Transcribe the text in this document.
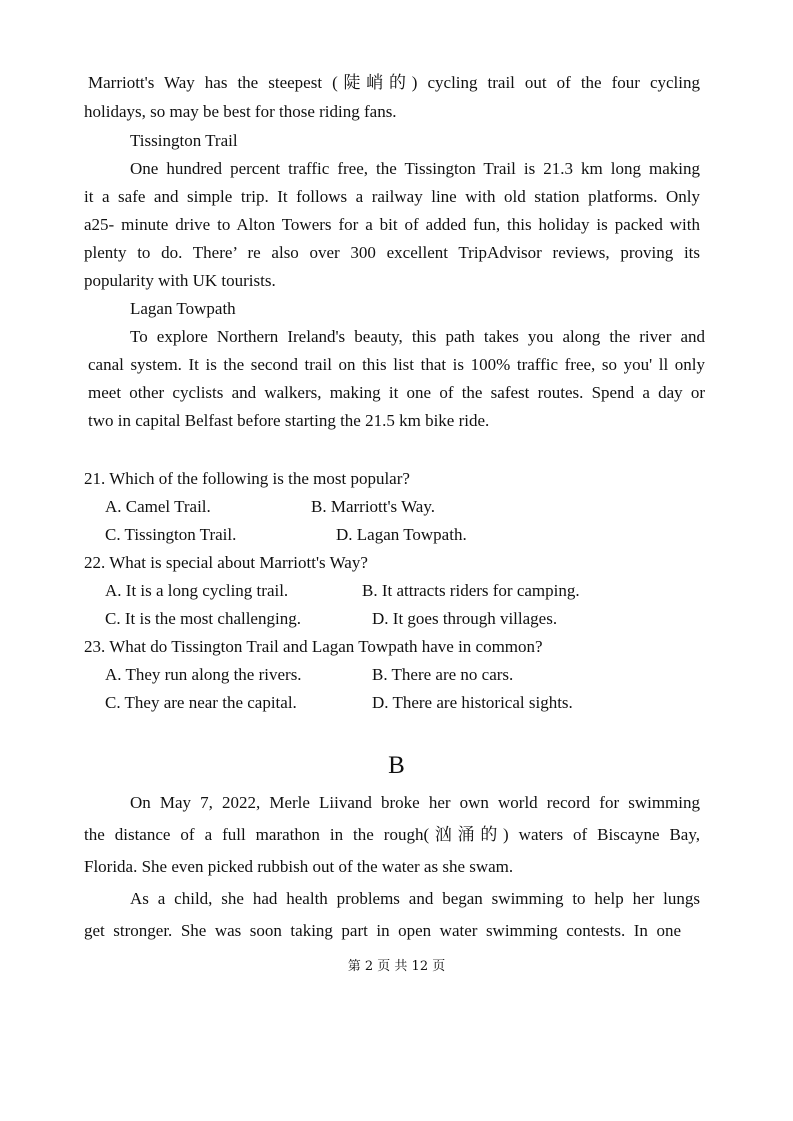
Marriott's Way has the steepest (陡峭的) cycling trail out of the four cycling
holidays, so may be best for those riding fans.
Tissington Trail
One hundred percent traffic free, the Tissington Trail is 21.3 km long making
it a safe and simple trip. It follows a railway line with old station platforms. Only
a25- minute drive to Alton Towers for a bit of added fun, this holiday is packed with
plenty to do. There’ re also over 300 excellent TripAdvisor reviews, proving its
popularity with UK tourists.
Lagan Towpath
To explore Northern Ireland's beauty, this path takes you along the river and
canal system. It is the second trail on this list that is 100% traffic free, so you' ll only
meet other cyclists and walkers, making it one of the safest routes. Spend a day or
two in capital Belfast before starting the 21.5 km bike ride.
21. Which of the following is the most popular?
A. Camel Trail.	B. Marriott's Way.
C. Tissington Trail.	D. Lagan Towpath.
22. What is special about Marriott's Way?
A. It is a long cycling trail.	B. It attracts riders for camping.
C. It is the most challenging.	D. It goes through villages.
23. What do Tissington Trail and Lagan Towpath have in common?
A. They run along the rivers.	B. There are no cars.
C. They are near the capital.	D. There are historical sights.
B
On May 7, 2022, Merle Liivand broke her own world record for swimming
the distance of a full marathon in the rough(汹涌的) waters of Biscayne Bay,
Florida. She even picked rubbish out of the water as she swam.
As a child, she had health problems and began swimming to help her lungs
get stronger. She was soon taking part in open water swimming contests. In one
第 2 页 共 12 页
